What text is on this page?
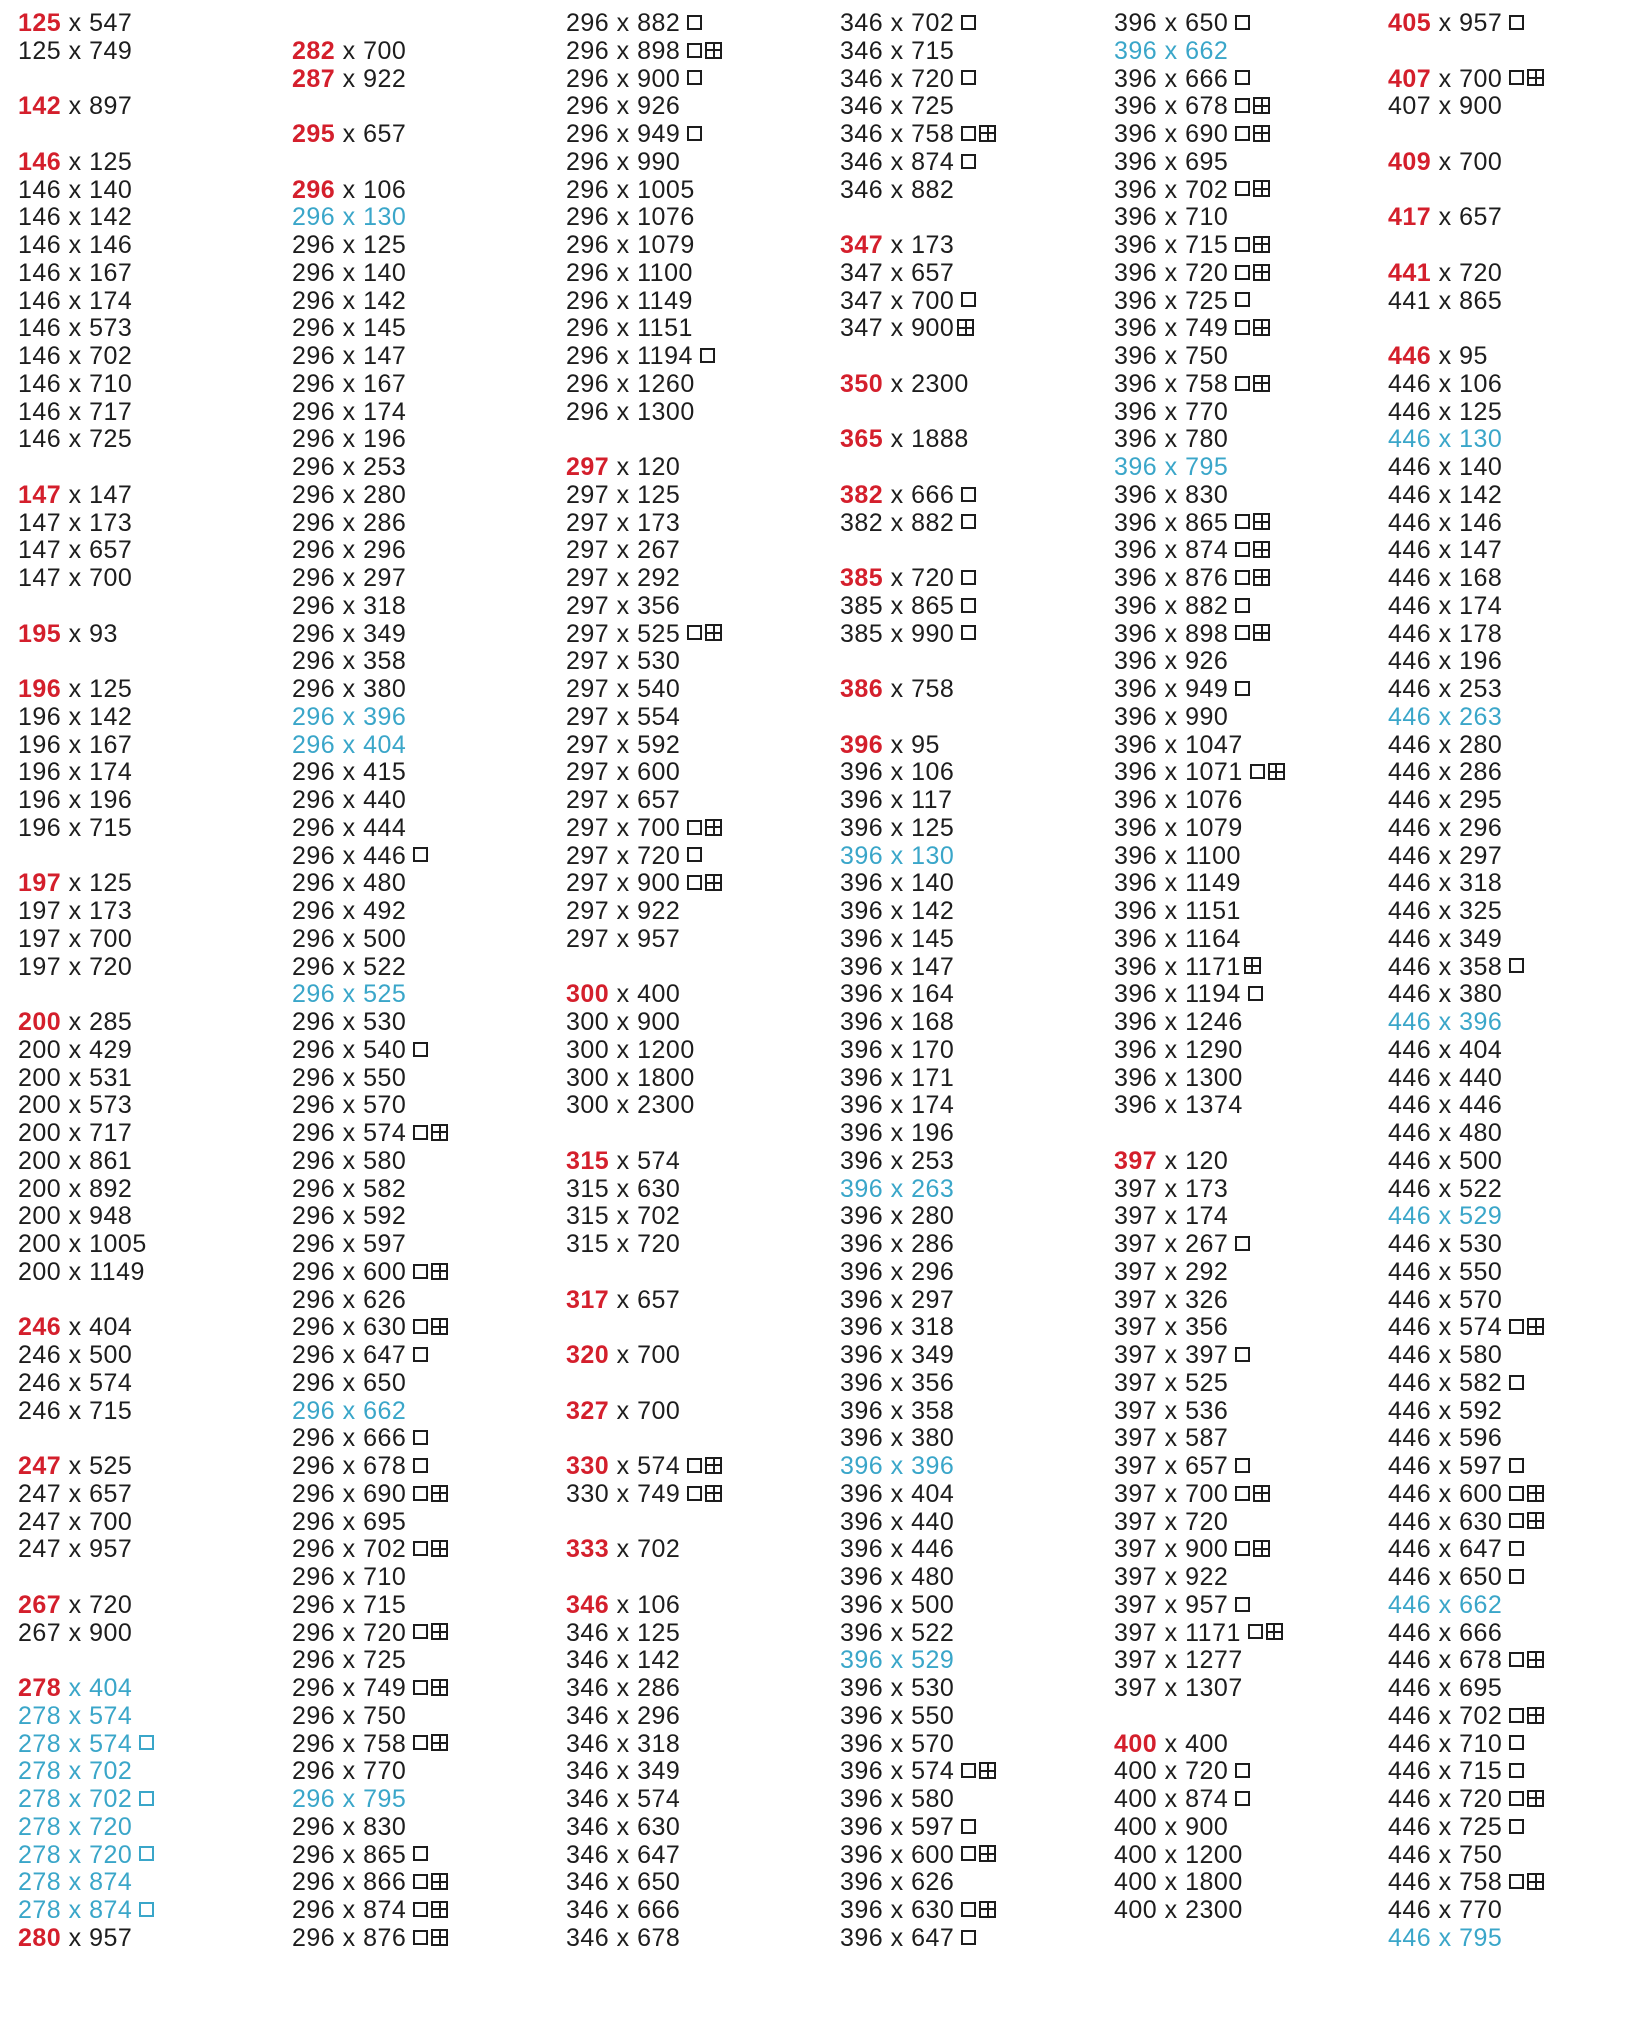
125 x 547
125 x 749
142 x 897
146 x 125
146 x 140
146 x 142
146 x 146
146 x 167
146 x 174
146 x 573
146 x 702
146 x 710
146 x 717
146 x 725
147 x 147
147 x 173
147 x 657
147 x 700
195 x 93
196 x 125
196 x 142
196 x 167
196 x 174
196 x 196
196 x 715
197 x 125
197 x 173
197 x 700
197 x 720
200 x 285
200 x 429
200 x 531
200 x 573
200 x 717
200 x 861
200 x 892
200 x 948
200 x 1005
200 x 1149
246 x 404
246 x 500
246 x 574
246 x 715
247 x 525
247 x 657
247 x 700
247 x 957
267 x 720
267 x 900
278 x 404
278 x 574
278 x 574
278 x 702
278 x 702
278 x 720
278 x 720
278 x 874
278 x 874
280 x 957
282 x 700
287 x 922
295 x 657
296 x 106
296 x 130
296 x 125
296 x 140
296 x 142
296 x 145
296 x 147
296 x 167
296 x 174
296 x 196
296 x 253
296 x 280
296 x 286
296 x 296
296 x 297
296 x 318
296 x 349
296 x 358
296 x 380
296 x 396
296 x 404
296 x 415
296 x 440
296 x 444
296 x 446
296 x 480
296 x 492
296 x 500
296 x 522
296 x 525
296 x 530
296 x 540
296 x 550
296 x 570
296 x 574
296 x 580
296 x 582
296 x 592
296 x 597
296 x 600
296 x 626
296 x 630
296 x 647
296 x 650
296 x 662
296 x 666
296 x 678
296 x 690
296 x 695
296 x 702
296 x 710
296 x 715
296 x 720
296 x 725
296 x 749
296 x 750
296 x 758
296 x 770
296 x 795
296 x 830
296 x 865
296 x 866
296 x 874
296 x 876
296 x 882
296 x 898
296 x 900
296 x 926
296 x 949
296 x 990
296 x 1005
296 x 1076
296 x 1079
296 x 1100
296 x 1149
296 x 1151
296 x 1194
296 x 1260
296 x 1300
297 x 120
297 x 125
297 x 173
297 x 267
297 x 292
297 x 356
297 x 525
297 x 530
297 x 540
297 x 554
297 x 592
297 x 600
297 x 657
297 x 700
297 x 720
297 x 900
297 x 922
297 x 957
300 x 400
300 x 900
300 x 1200
300 x 1800
300 x 2300
315 x 574
315 x 630
315 x 702
315 x 720
317 x 657
320 x 700
327 x 700
330 x 574
330 x 749
333 x 702
346 x 106
346 x 125
346 x 142
346 x 286
346 x 296
346 x 318
346 x 349
346 x 574
346 x 630
346 x 647
346 x 650
346 x 666
346 x 678
346 x 702
346 x 715
346 x 720
346 x 725
346 x 758
346 x 874
346 x 882
347 x 173
347 x 657
347 x 700
347 x 900
350 x 2300
365 x 1888
382 x 666
382 x 882
385 x 720
385 x 865
385 x 990
386 x 758
396 x 95
396 x 106
396 x 117
396 x 125
396 x 130
396 x 140
396 x 142
396 x 145
396 x 147
396 x 164
396 x 168
396 x 170
396 x 171
396 x 174
396 x 196
396 x 253
396 x 263
396 x 280
396 x 286
396 x 296
396 x 297
396 x 318
396 x 349
396 x 356
396 x 358
396 x 380
396 x 396
396 x 404
396 x 440
396 x 446
396 x 480
396 x 500
396 x 522
396 x 529
396 x 530
396 x 550
396 x 570
396 x 574
396 x 580
396 x 597
396 x 600
396 x 626
396 x 630
396 x 647
396 x 650
396 x 662
396 x 666
396 x 678
396 x 690
396 x 695
396 x 702
396 x 710
396 x 715
396 x 720
396 x 725
396 x 749
396 x 750
396 x 758
396 x 770
396 x 780
396 x 795
396 x 830
396 x 865
396 x 874
396 x 876
396 x 882
396 x 898
396 x 926
396 x 949
396 x 990
396 x 1047
396 x 1071
396 x 1076
396 x 1079
396 x 1100
396 x 1149
396 x 1151
396 x 1164
396 x 1171
396 x 1194
396 x 1246
396 x 1290
396 x 1300
396 x 1374
397 x 120
397 x 173
397 x 174
397 x 267
397 x 292
397 x 326
397 x 356
397 x 397
397 x 525
397 x 536
397 x 587
397 x 657
397 x 700
397 x 720
397 x 900
397 x 922
397 x 957
397 x 1171
397 x 1277
397 x 1307
400 x 400
400 x 720
400 x 874
400 x 900
400 x 1200
400 x 1800
400 x 2300
405 x 957
407 x 700
407 x 900
409 x 700
417 x 657
441 x 720
441 x 865
446 x 95
446 x 106
446 x 125
446 x 130
446 x 140
446 x 142
446 x 146
446 x 147
446 x 168
446 x 174
446 x 178
446 x 196
446 x 253
446 x 263
446 x 280
446 x 286
446 x 295
446 x 296
446 x 297
446 x 318
446 x 325
446 x 349
446 x 358
446 x 380
446 x 396
446 x 404
446 x 440
446 x 446
446 x 480
446 x 500
446 x 522
446 x 529
446 x 530
446 x 550
446 x 570
446 x 574
446 x 580
446 x 582
446 x 592
446 x 596
446 x 597
446 x 600
446 x 630
446 x 647
446 x 650
446 x 662
446 x 666
446 x 678
446 x 695
446 x 702
446 x 710
446 x 715
446 x 720
446 x 725
446 x 750
446 x 758
446 x 770
446 x 795
